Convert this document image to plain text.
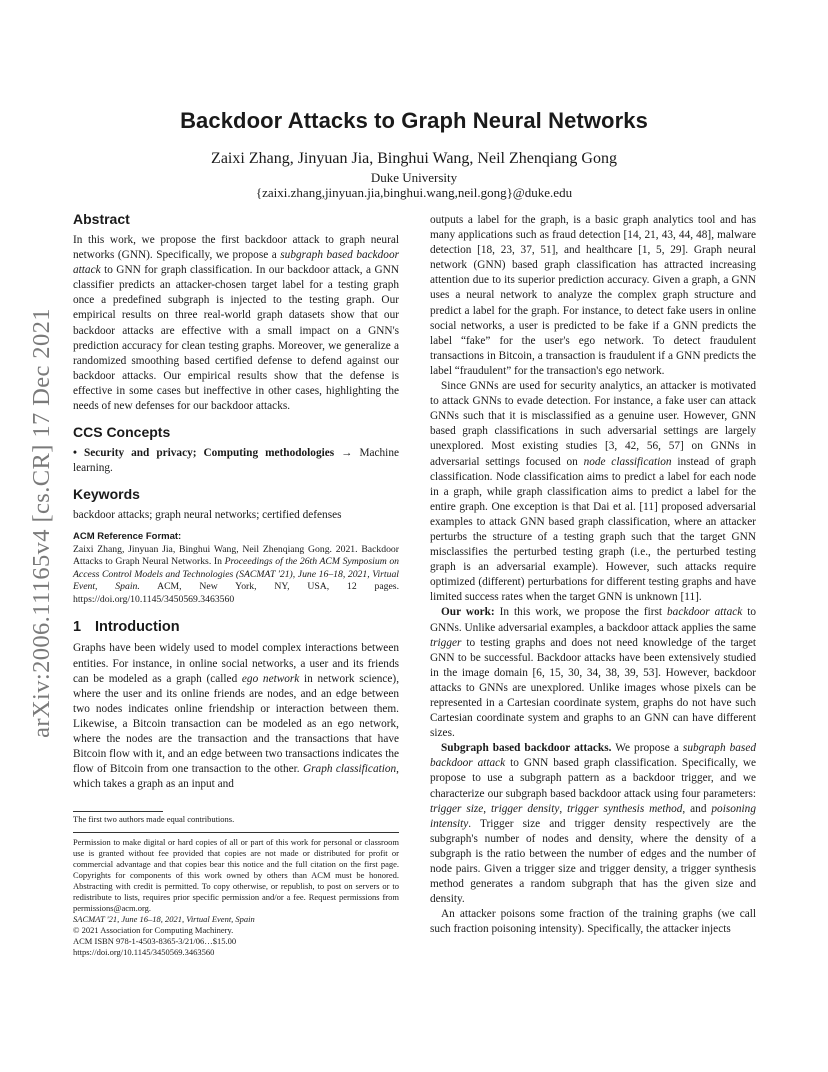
arXiv:2006.11165v4 [cs.CR] 17 Dec 2021
Backdoor Attacks to Graph Neural Networks
Zaixi Zhang, Jinyuan Jia, Binghui Wang, Neil Zhenqiang Gong
Duke University
{zaixi.zhang,jinyuan.jia,binghui.wang,neil.gong}@duke.edu
Abstract

In this work, we propose the first backdoor attack to graph neural networks (GNN). Specifically, we propose a subgraph based backdoor attack to GNN for graph classification. In our backdoor attack, a GNN classifier predicts an attacker-chosen target label for a testing graph once a predefined subgraph is injected to the testing graph. Our empirical results on three real-world graph datasets show that our backdoor attacks are effective with a small impact on a GNN's prediction accuracy for clean testing graphs. Moreover, we generalize a randomized smoothing based certified defense to defend against our backdoor attacks. Our empirical results show that the defense is effective in some cases but ineffective in other cases, highlighting the needs of new defenses for our backdoor attacks.

CCS Concepts

• Security and privacy; Computing methodologies → Machine learning.

Keywords

backdoor attacks; graph neural networks; certified defenses

ACM Reference Format:
Zaixi Zhang, Jinyuan Jia, Binghui Wang, Neil Zhenqiang Gong. 2021. Backdoor Attacks to Graph Neural Networks. In Proceedings of the 26th ACM Symposium on Access Control Models and Technologies (SACMAT '21), June 16–18, 2021, Virtual Event, Spain. ACM, New York, NY, USA, 12 pages. https://doi.org/10.1145/3450569.3463560

1 Introduction

Graphs have been widely used to model complex interactions between entities. For instance, in online social networks, a user and its friends can be modeled as a graph (called ego network in network science), where the user and its online friends are nodes, and an edge between two nodes indicates online friendship or interaction between them. Likewise, a Bitcoin transaction can be modeled as an ego network, where the nodes are the transaction and the transactions that have Bitcoin flow with it, and an edge between two transactions indicates the flow of Bitcoin from one transaction to the other. Graph classification, which takes a graph as an input and

The first two authors made equal contributions.
Permission to make digital or hard copies of all or part of this work for personal or classroom use is granted without fee provided that copies are not made or distributed for profit or commercial advantage and that copies bear this notice and the full citation on the first page. Copyrights for components of this work owned by others than ACM must be honored. Abstracting with credit is permitted. To copy otherwise, or republish, to post on servers or to redistribute to lists, requires prior specific permission and/or a fee. Request permissions from permissions@acm.org.
SACMAT '21, June 16–18, 2021, Virtual Event, Spain
© 2021 Association for Computing Machinery.
ACM ISBN 978-1-4503-8365-3/21/06…$15.00
https://doi.org/10.1145/3450569.3463560

outputs a label for the graph, is a basic graph analytics tool and has many applications such as fraud detection [14, 21, 43, 44, 48], malware detection [18, 23, 37, 51], and healthcare [1, 5, 29]. Graph neural network (GNN) based graph classification has attracted increasing attention due to its superior prediction accuracy. Given a graph, a GNN uses a neural network to analyze the complex graph structure and predict a label for the graph. For instance, to detect fake users in online social networks, a user is predicted to be fake if a GNN predicts the label “fake” for the user's ego network. To detect fraudulent transactions in Bitcoin, a transaction is fraudulent if a GNN predicts the label “fraudulent” for the transaction's ego network.

Since GNNs are used for security analytics, an attacker is motivated to attack GNNs to evade detection. For instance, a fake user can attack GNNs such that it is misclassified as a genuine user. However, GNN based graph classifications in such adversarial settings are largely unexplored. Most existing studies [3, 42, 56, 57] on GNNs in adversarial settings focused on node classification instead of graph classification. Node classification aims to predict a label for each node in a graph, while graph classification aims to predict a label for the entire graph. One exception is that Dai et al. [11] proposed adversarial examples to attack GNN based graph classification, where an attacker perturbs the structure of a testing graph such that the target GNN misclassifies the perturbed testing graph (i.e., the perturbed testing graph is an adversarial example). However, such attacks require optimized (different) perturbations for different testing graphs and have limited success rates when the target GNN is unknown [11].

Our work: In this work, we propose the first backdoor attack to GNNs. Unlike adversarial examples, a backdoor attack applies the same trigger to testing graphs and does not need knowledge of the target GNN to be successful. Backdoor attacks have been extensively studied in the image domain [6, 15, 30, 34, 38, 39, 53]. However, backdoor attacks to GNNs are unexplored. Unlike images whose pixels can be represented in a Cartesian coordinate system, graphs do not have such Cartesian coordinate system and graphs to an GNN can have different sizes.

Subgraph based backdoor attacks. We propose a subgraph based backdoor attack to GNN based graph classification. Specifically, we propose to use a subgraph pattern as a backdoor trigger, and we characterize our subgraph based backdoor attack using four parameters: trigger size, trigger density, trigger synthesis method, and poisoning intensity. Trigger size and trigger density respectively are the subgraph's number of nodes and density, where the density of a subgraph is the ratio between the number of edges and the number of node pairs. Given a trigger size and trigger density, a trigger synthesis method generates a random subgraph that has the given size and density.

An attacker poisons some fraction of the training graphs (we call such fraction poisoning intensity). Specifically, the attacker injects
